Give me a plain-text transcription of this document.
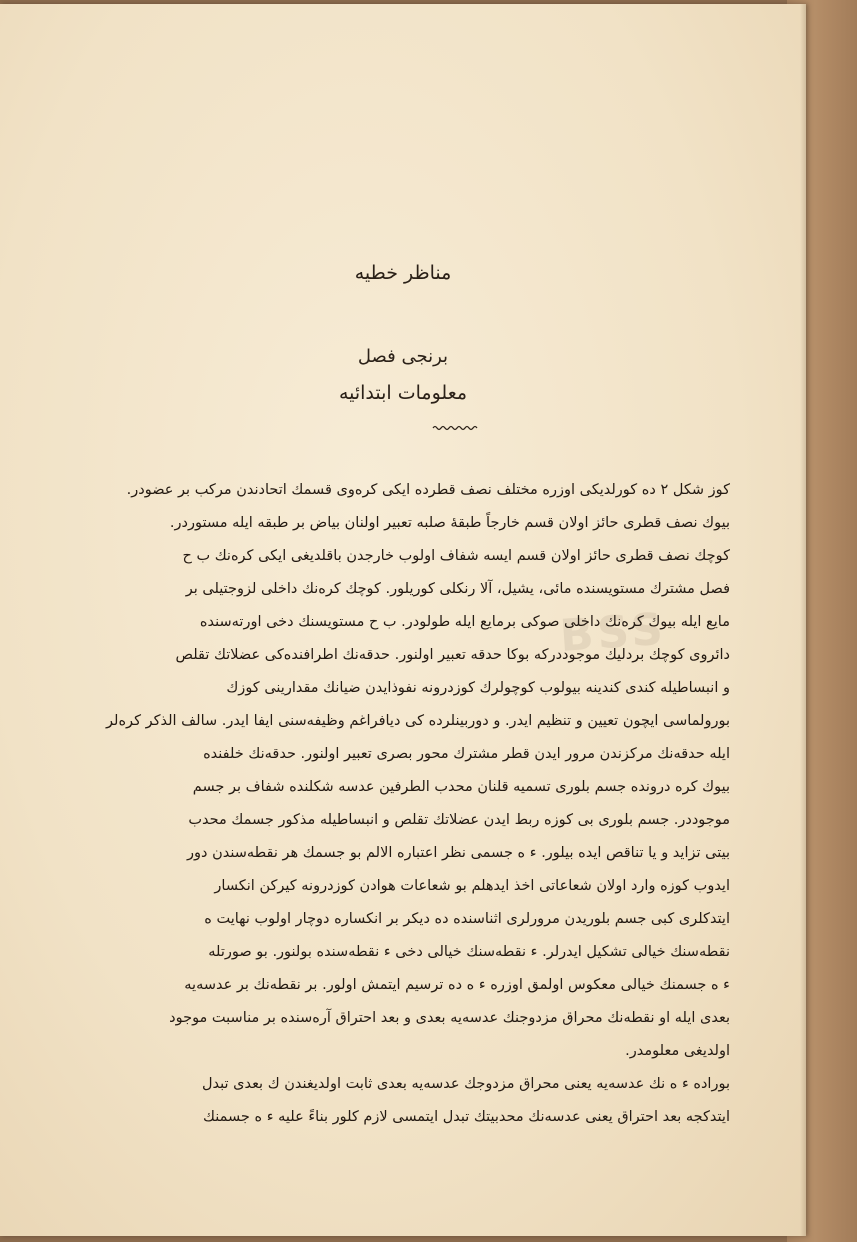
BSS
مناظر خطيه
برنجى فصل
معلومات ابتدائيه
كوز شكل ٢ ده كورلديكى اوزره مختلف نصف قطرده ايكى كره‌وى قسمك اتحادندن مركب بر عضودر.
بيوك نصف قطرى حائز اولان قسم خارجاً طبقهٔ صلبه تعبير اولنان بياض بر طبقه ايله مستوردر.
كوچك نصف قطرى حائز اولان قسم ايسه شفاف اولوب خارجدن باقلديغى ايكى كره‌نك ب ح
فصل مشترك مستويسنده مائى، يشيل، آلا رنكلى كوريلور. كوچك كره‌نك داخلى لزوجتيلى بر
مايع ايله بيوك كره‌نك داخلى صوكى برمايع ايله طولودر. ب ح مستويسنك دخى اورته‌سنده
دائروى كوچك بردليك موجوددركه بوكا حدقه تعبير اولنور. حدقه‌نك اطرافنده‌كى عضلاتك تقلص
و انبساطيله كندى كندينه بيولوب كوچولرك كوزدرونه نفوذايدن ضيانك مقدارينى كوزك
بورولماسى ايچون تعيين و تنظيم ايدر. و دوربينلرده كى ديافراغم وظيفه‌سنى ايفا ايدر. سالف الذكر كره‌لر
ايله حدقه‌نك مركزندن مرور ايدن قطر مشترك محور بصرى تعبير اولنور. حدقه‌نك خلفنده
بيوك كره درونده جسم بلورى تسميه قلنان محدب الطرفين عدسه شكلنده شفاف بر جسم
موجوددر. جسم بلورى بى كوزه ربط ايدن عضلاتك تقلص و انبساطيله مذكور جسمك محدب
بيتى تزايد و يا تناقص ايده بيلور. ء ه جسمى نظر اعتباره الالم بو جسمك هر نقطه‌سندن دور
ايدوب كوزه وارد اولان شعاعاتى اخذ ايدهلم بو شعاعات هوادن كوزدرونه كيركن انكسار
ايتدكلرى كبى جسم بلوريدن مرورلرى اثناسنده ده ديكر بر انكساره دوچار اولوب نهايت ه
نقطه‌سنك خيالى تشكيل ايدرلر. ء نقطه‌سنك خيالى دخى ء نقطه‌سنده بولنور. بو صورتله
ء ه جسمنك خيالى معكوس اولمق اوزره ء ه ده ترسيم ايتمش اولور. بر نقطه‌نك بر عدسه‌يه
بعدى ايله او نقطه‌نك محراق مزدوجنك عدسه‌يه بعدى و بعد احتراق آره‌سنده بر مناسبت موجود
اولديغى معلومدر.
بوراده ء ه نك عدسه‌يه يعنى محراق مزدوجك عدسه‌يه بعدى ثابت اولديغندن ك بعدى تبدل
ايتدكجه بعد احتراق يعنى عدسه‌نك محدبيتك تبدل ايتمسى لازم كلور بناءً عليه ء ه جسمنك
